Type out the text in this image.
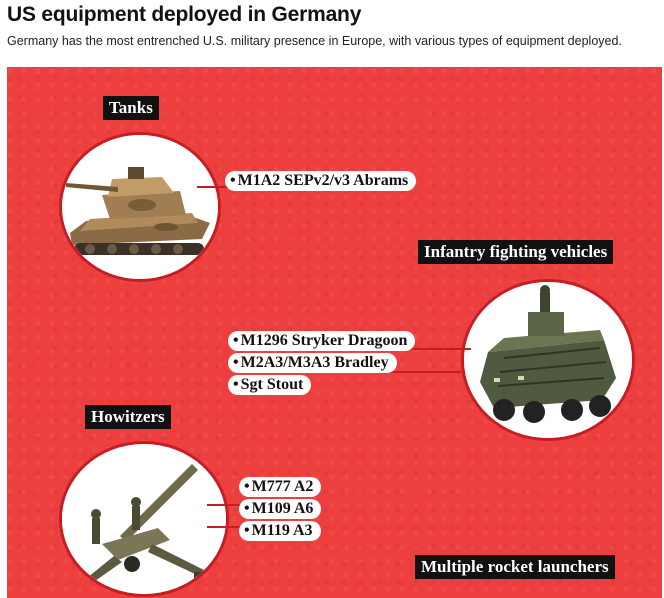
US equipment deployed in Germany
Germany has the most entrenched U.S. military presence in Europe, with various types of equipment deployed.
Tanks
• M1A2 SEPv2/v3 Abrams
Infantry fighting vehicles
• M1296 Stryker Dragoon
• M2A3/M3A3 Bradley
• Sgt Stout
Howitzers
• M777 A2
• M109 A6
• M119 A3
Multiple rocket launchers
